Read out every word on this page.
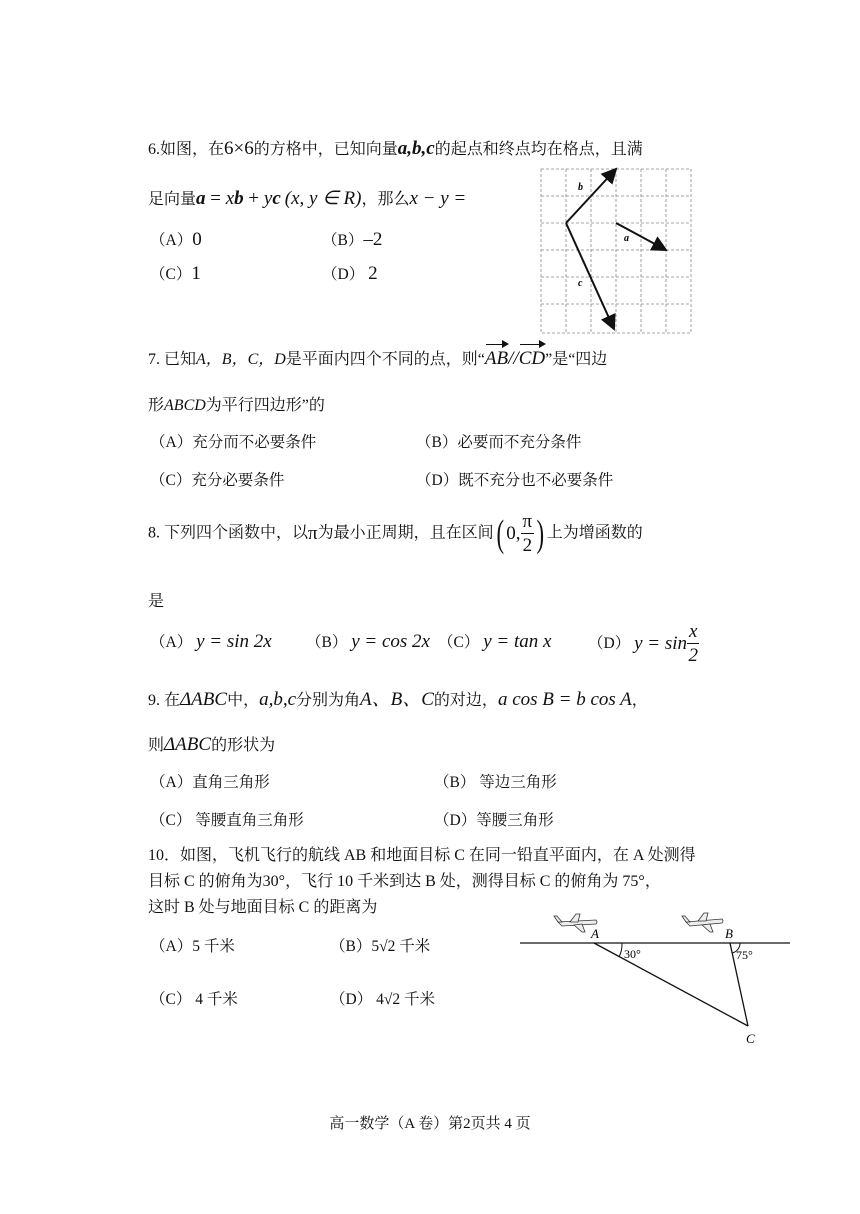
6.如图，在6×6的方格中，已知向量a,b,c的起点和终点均在格点，且满
足向量a = xb + yc (x, y ∈ R)，那么x − y =
（A）0	（B）–2
（C）1	（D） 2
b
a
c
7. 已知A，B，C，D是平面内四个不同的点，则“AB//CD”是“四边
形ABCD为平行四边形”的
（A）充分而不必要条件	（B）必要而不充分条件
（C）充分必要条件	（D）既不充分也不必要条件
8. 下列四个函数中，以π为最小正周期，且在区间( 0, $\frac{\pi}{2}$ ) 上为增函数的
是
（A） y = sin 2x （B） y = cos 2x （C） y = tan x （D） $y = \sin \frac{x}{2}$
9. 在ΔABC中，a,b,c分别为角A、B、C的对边，a cos B = b cos A，
则ΔABC的形状为
（A）直角三角形	（B） 等边三角形
（C） 等腰直角三角形	（D）等腰三角形
10．如图，飞机飞行的航线 AB 和地面目标 C 在同一铅直平面内，在 A 处测得
目标 C 的俯角为30°，飞行 10 千米到达 B 处，测得目标 C 的俯角为 75°，
这时 B 处与地面目标 C 的距离为
（A）5 千米	（B）5√2 千米
（C） 4 千米	（D） 4√2 千米
A	B
C
30°	75°
高一数学（A 卷）第2页共 4 页
